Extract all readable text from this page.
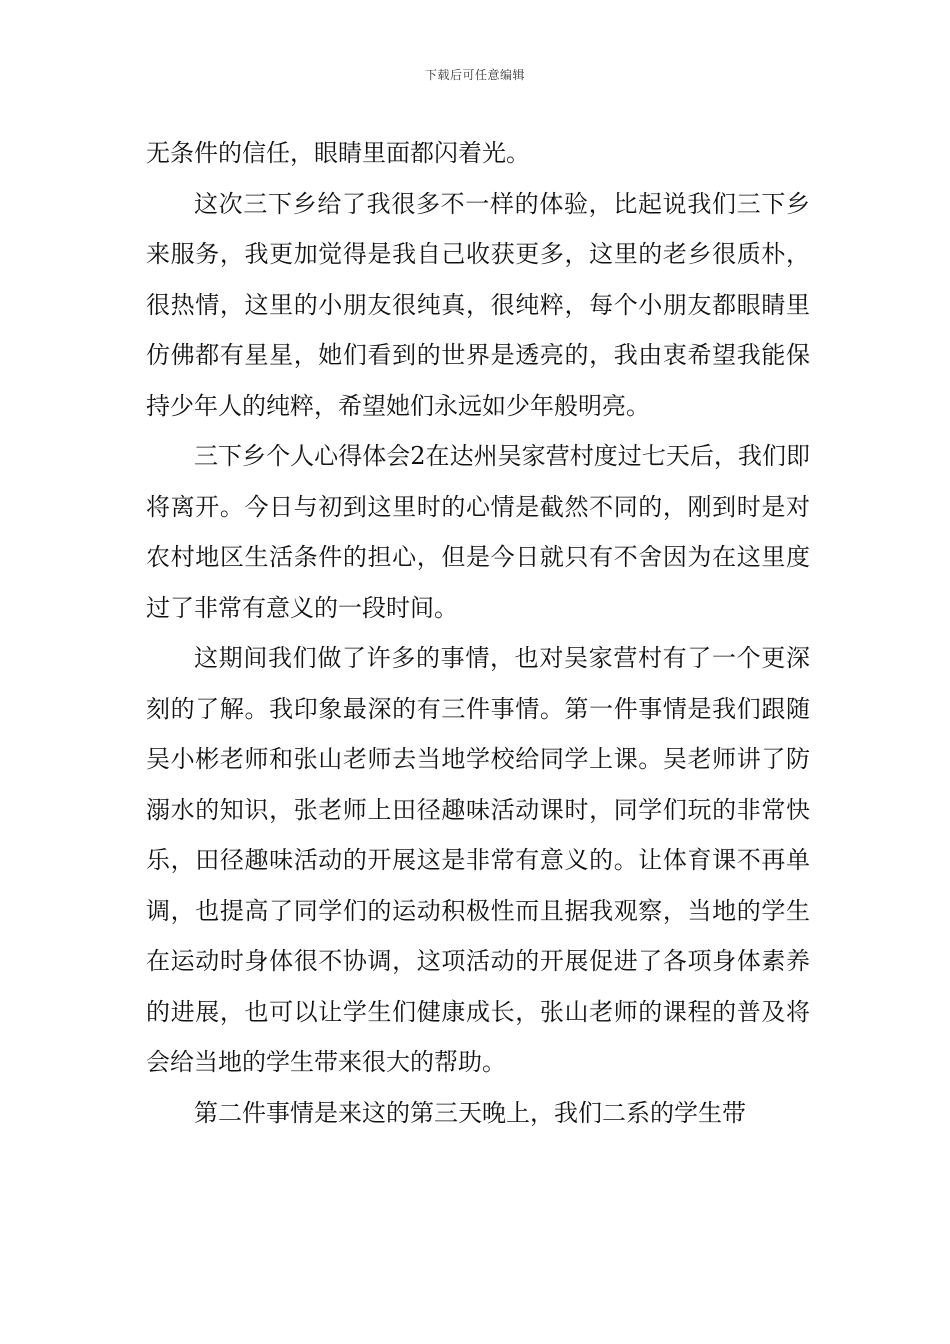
下载后可任意编辑

无条件的信任，眼睛里面都闪着光。

这次三下乡给了我很多不一样的体验，比起说我们三下乡来服务，我更加觉得是我自己收获更多，这里的老乡很质朴，很热情，这里的小朋友很纯真，很纯粹，每个小朋友都眼睛里仿佛都有星星，她们看到的世界是透亮的，我由衷希望我能保持少年人的纯粹，希望她们永远如少年般明亮。

三下乡个人心得体会2在达州吴家营村度过七天后，我们即将离开。今日与初到这里时的心情是截然不同的，刚到时是对农村地区生活条件的担心，但是今日就只有不舍因为在这里度过了非常有意义的一段时间。

这期间我们做了许多的事情，也对吴家营村有了一个更深刻的了解。我印象最深的有三件事情。第一件事情是我们跟随吴小彬老师和张山老师去当地学校给同学上课。吴老师讲了防溺水的知识，张老师上田径趣味活动课时，同学们玩的非常快乐，田径趣味活动的开展这是非常有意义的。让体育课不再单调，也提高了同学们的运动积极性而且据我观察，当地的学生在运动时身体很不协调，这项活动的开展促进了各项身体素养的进展，也可以让学生们健康成长，张山老师的课程的普及将会给当地的学生带来很大的帮助。

第二件事情是来这的第三天晚上，我们二系的学生带
